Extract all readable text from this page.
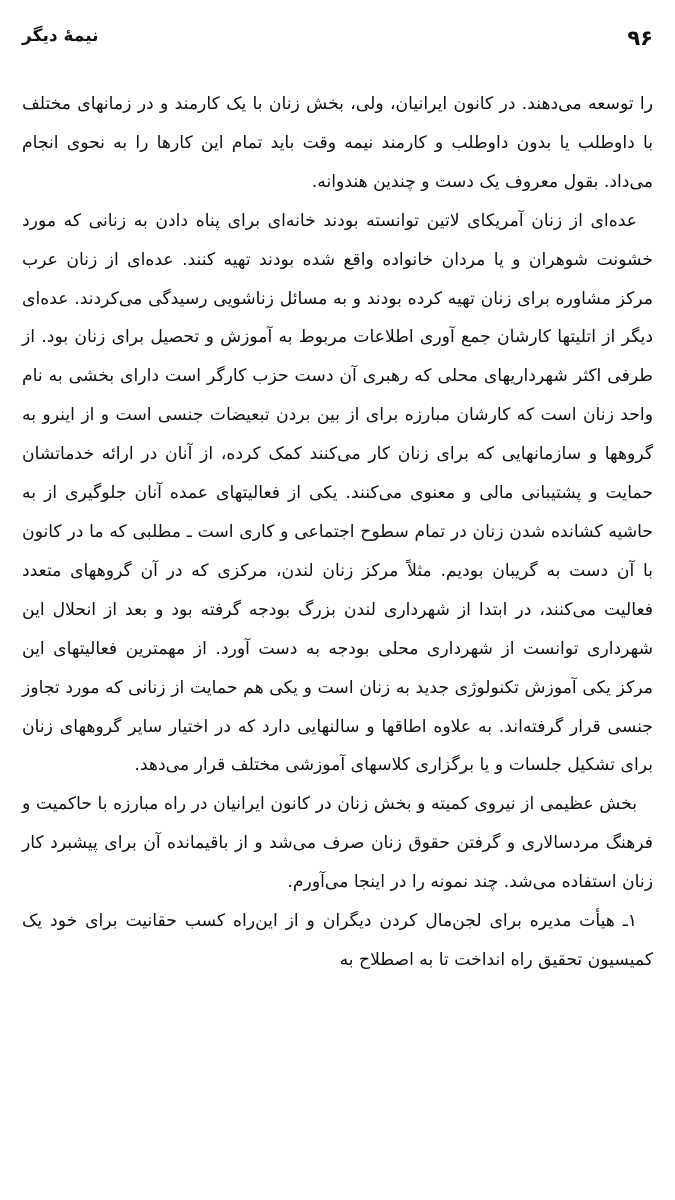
۹۶
نیمهٔ دیگر

را توسعه می‌دهند. در کانون ایرانیان، ولی، بخش زنان با یک کارمند و در زمانهای مختلف با داوطلب یا بدون داوطلب و کارمند نیمه وقت باید تمام این کارها را به نحوی انجام می‌داد. بقول معروف یک دست و چندین هندوانه.

عده‌ای از زنان آمریکای لاتین توانسته بودند خانه‌ای برای پناه دادن به زنانی که مورد خشونت شوهران و یا مردان خانواده واقع شده بودند تهیه کنند. عده‌ای از زنان عرب مرکز مشاوره برای زنان تهیه کرده بودند و به مسائل زناشویی رسیدگی می‌کردند. عده‌ای دیگر از اتلیتها کارشان جمع آوری اطلاعات مربوط به آموزش و تحصیل برای زنان بود. از طرفی اکثر شهرداریهای محلی که رهبری آن دست حزب کارگر است دارای بخشی به نام واحد زنان است که کارشان مبارزه برای از بین بردن تبعیضات جنسی است و از اینرو به گروهها و سازمانهایی که برای زنان کار می‌کنند کمک کرده، از آنان در ارائه خدماتشان حمایت و پشتیبانی مالی و معنوی می‌کنند. یکی از فعالیتهای عمده آنان جلوگیری از به حاشیه کشانده شدن زنان در تمام سطوح اجتماعی و کاری است ـ مطلبی که ما در کانون با آن دست به گریبان بودیم. مثلاً مرکز زنان لندن، مرکزی که در آن گروههای متعدد فعالیت می‌کنند، در ابتدا از شهرداری لندن بزرگ بودجه گرفته بود و بعد از انحلال این شهرداری توانست از شهرداری محلی بودجه به دست آورد. از مهمترین فعالیتهای این مرکز یکی آموزش تکنولوژی جدید به زنان است و یکی هم حمایت از زنانی که مورد تجاوز جنسی قرار گرفته‌اند. به علاوه اطاقها و سالنهایی دارد که در اختیار سایر گروههای زنان برای تشکیل جلسات و یا برگزاری کلاسهای آموزشی مختلف قرار می‌دهد.

بخش عظیمی از نیروی کمیته و بخش زنان در کانون ایرانیان در راه مبارزه با حاکمیت و فرهنگ مردسالاری و گرفتن حقوق زنان صرف می‌شد و از باقیمانده آن برای پیشبرد کار زنان استفاده می‌شد. چند نمونه را در اینجا می‌آورم.

۱ـ هیأت مدیره برای لجن‌مال کردن دیگران و از این‌راه کسب حقانیت برای خود یک کمیسیون تحقیق راه انداخت تا به اصطلاح به
